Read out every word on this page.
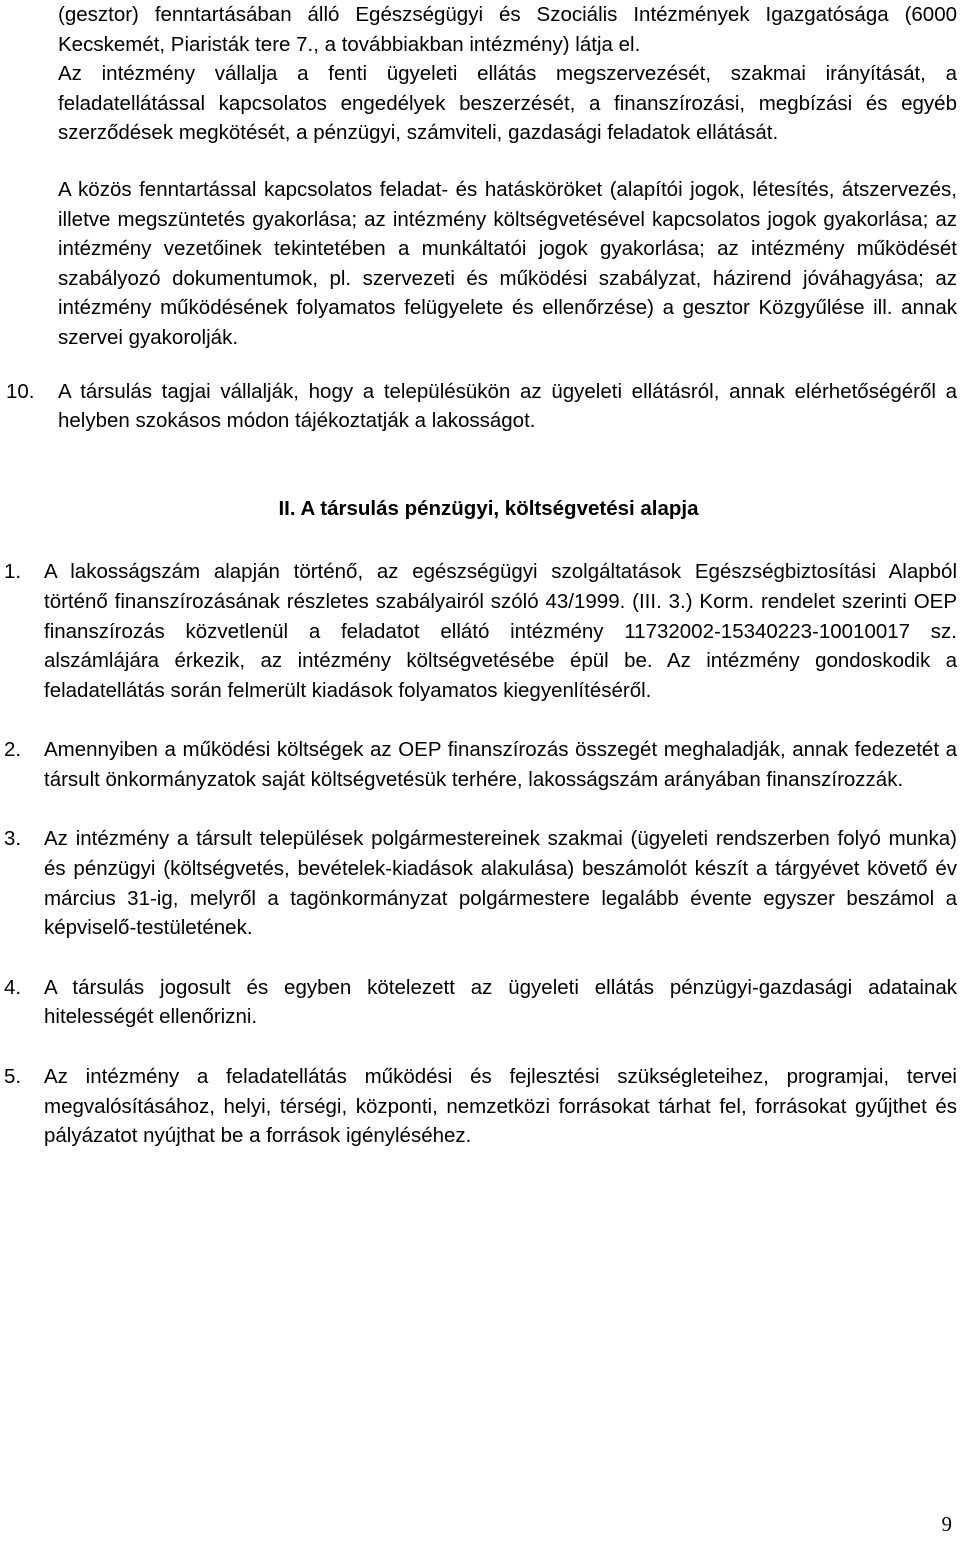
(gesztor) fenntartásában álló Egészségügyi és Szociális Intézmények Igazgatósága (6000 Kecskemét, Piaristák tere 7., a továbbiakban intézmény) látja el.

Az intézmény vállalja a fenti ügyeleti ellátás megszervezését, szakmai irányítását, a feladatellátással kapcsolatos engedélyek beszerzését, a finanszírozási, megbízási és egyéb szerződések megkötését, a pénzügyi, számviteli, gazdasági feladatok ellátását.

A közös fenntartással kapcsolatos feladat- és hatásköröket (alapítói jogok, létesítés, átszervezés, illetve megszüntetés gyakorlása; az intézmény költségvetésével kapcsolatos jogok gyakorlása; az intézmény vezetőinek tekintetében a munkáltatói jogok gyakorlása; az intézmény működését szabályozó dokumentumok, pl. szervezeti és működési szabályzat, házirend jóváhagyása; az intézmény működésének folyamatos felügyelete és ellenőrzése) a gesztor Közgyűlése ill. annak szervei gyakorolják.

10.	A társulás tagjai vállalják, hogy a településükön az ügyeleti ellátásról, annak elérhetőségéről a helyben szokásos módon tájékoztatják a lakosságot.

II. A társulás pénzügyi, költségvetési alapja

1.	A lakosságszám alapján történő, az egészségügyi szolgáltatások Egészségbiztosítási Alapból történő finanszírozásának részletes szabályairól szóló 43/1999. (III. 3.) Korm. rendelet szerinti OEP finanszírozás közvetlenül a feladatot ellátó intézmény 11732002-15340223-10010017 sz. alszámlájára érkezik, az intézmény költségvetésébe épül be. Az intézmény gondoskodik a feladatellátás során felmerült kiadások folyamatos kiegyenlítéséről.
2.	Amennyiben a működési költségek az OEP finanszírozás összegét meghaladják, annak fedezetét a társult önkormányzatok saját költségvetésük terhére, lakosságszám arányában finanszírozzák.
3.	Az intézmény a társult települések polgármestereinek szakmai (ügyeleti rendszerben folyó munka) és pénzügyi (költségvetés, bevételek-kiadások alakulása) beszámolót készít a tárgyévet követő év március 31-ig, melyről a tagönkormányzat polgármestere legalább évente egyszer beszámol a képviselő-testületének.
4.	A társulás jogosult és egyben kötelezett az ügyeleti ellátás pénzügyi-gazdasági adatainak hitelességét ellenőrizni.
5.	Az intézmény a feladatellátás működési és fejlesztési szükségleteihez, programjai, tervei megvalósításához, helyi, térségi, központi, nemzetközi forrásokat tárhat fel, forrásokat gyűjthet és pályázatot nyújthat be a források igényléséhez.
9
